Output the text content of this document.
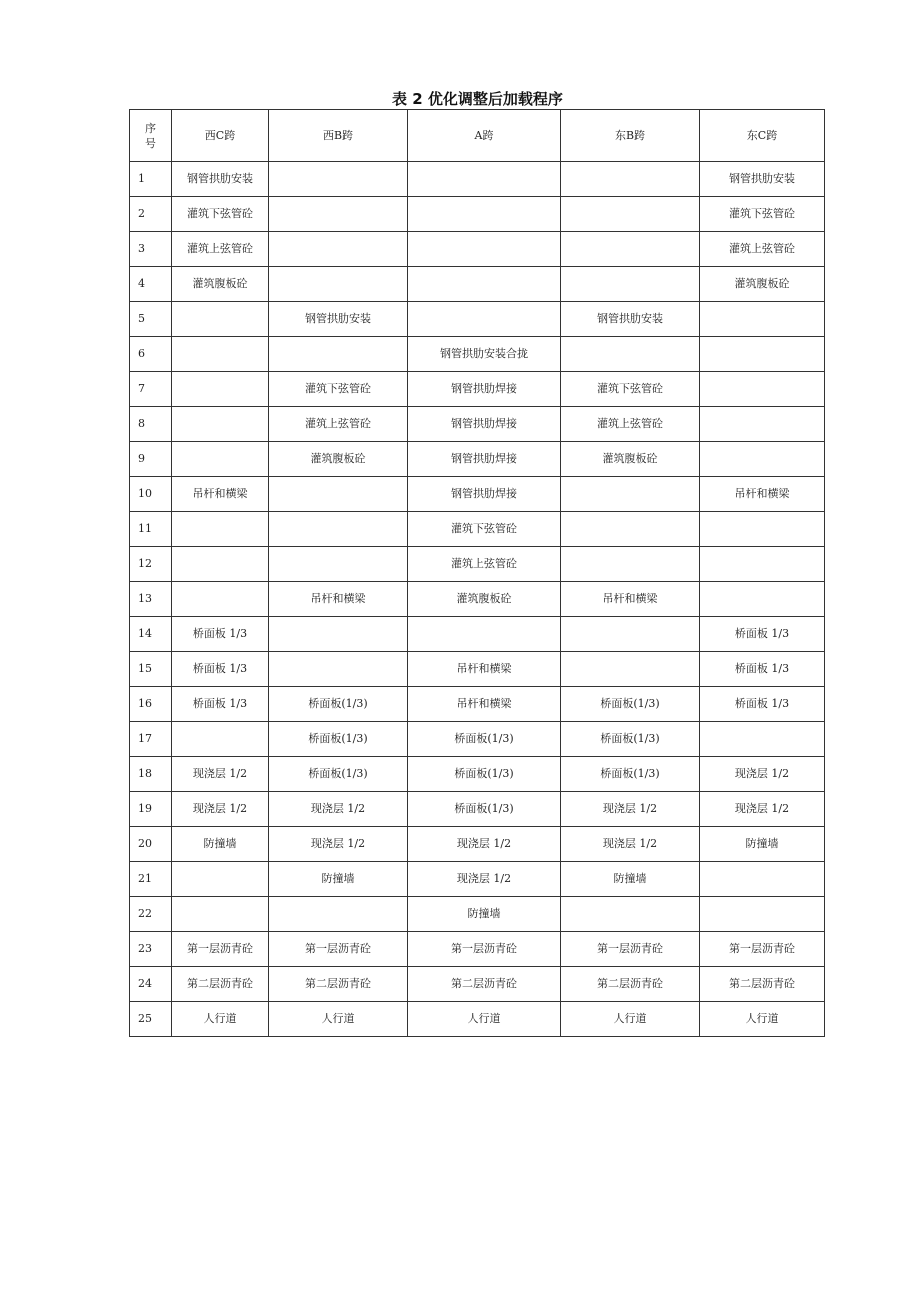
表 2 优化调整后加载程序
序号	西C跨	西B跨	A跨	东B跨	东C跨
1	钢管拱肋安装				钢管拱肋安装
2	灌筑下弦管砼				灌筑下弦管砼
3	灌筑上弦管砼				灌筑上弦管砼
4	灌筑腹板砼				灌筑腹板砼
5		钢管拱肋安装		钢管拱肋安装	
6			钢管拱肋安装合拢		
7		灌筑下弦管砼	钢管拱肋焊接	灌筑下弦管砼	
8		灌筑上弦管砼	钢管拱肋焊接	灌筑上弦管砼	
9		灌筑腹板砼	钢管拱肋焊接	灌筑腹板砼	
10	吊杆和横梁		钢管拱肋焊接		吊杆和横梁
11			灌筑下弦管砼		
12			灌筑上弦管砼		
13		吊杆和横梁	灌筑腹板砼	吊杆和横梁	
14	桥面板 1/3				桥面板 1/3
15	桥面板 1/3		吊杆和横梁		桥面板 1/3
16	桥面板 1/3	桥面板(1/3)	吊杆和横梁	桥面板(1/3)	桥面板 1/3
17		桥面板(1/3)	桥面板(1/3)	桥面板(1/3)	
18	现浇层 1/2	桥面板(1/3)	桥面板(1/3)	桥面板(1/3)	现浇层 1/2
19	现浇层 1/2	现浇层 1/2	桥面板(1/3)	现浇层 1/2	现浇层 1/2
20	防撞墙	现浇层 1/2	现浇层 1/2	现浇层 1/2	防撞墙
21		防撞墙	现浇层 1/2	防撞墙	
22			防撞墙		
23	第一层沥青砼	第一层沥青砼	第一层沥青砼	第一层沥青砼	第一层沥青砼
24	第二层沥青砼	第二层沥青砼	第二层沥青砼	第二层沥青砼	第二层沥青砼
25	人行道	人行道	人行道	人行道	人行道
